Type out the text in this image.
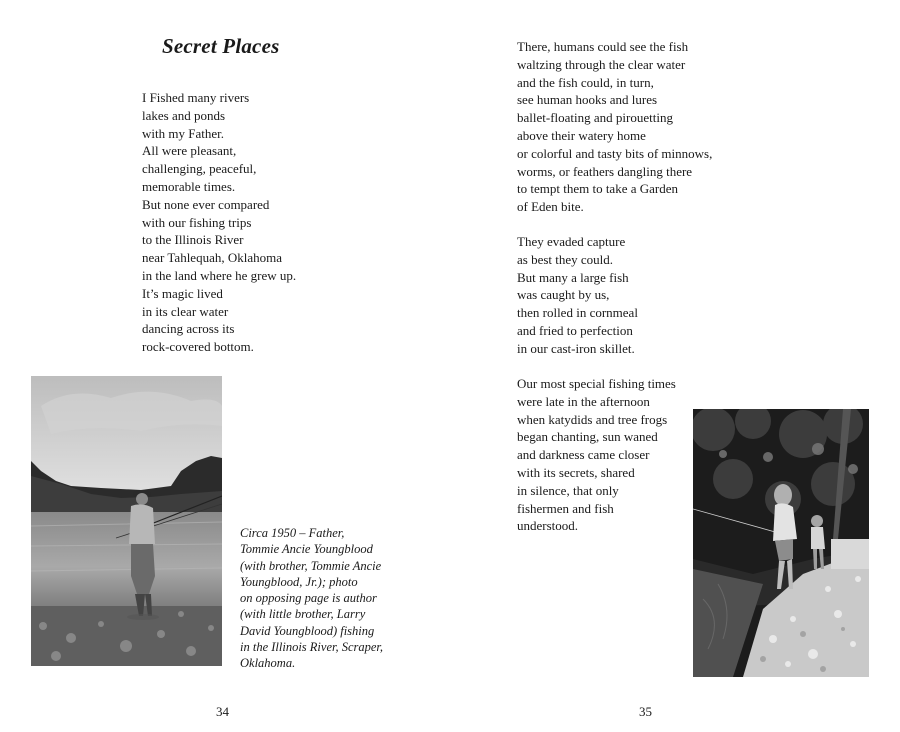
Secret Places
I Fished many rivers
lakes and ponds
with my Father.
All were pleasant,
challenging, peaceful,
memorable times.
But none ever compared
with our fishing trips
to the Illinois River
near Tahlequah, Oklahoma
in the land where he grew up.
It’s magic lived
in its clear water
dancing across its
rock-covered bottom.
Circa 1950 – Father,
Tommie Ancie Youngblood
(with brother, Tommie Ancie
Youngblood, Jr.); photo
on opposing page is author
(with little brother, Larry
David Youngblood) fishing
in the Illinois River, Scraper,
Oklahoma.
34
There, humans could see the fish
waltzing through the clear water
and the fish could, in turn,
see human hooks and lures
ballet-floating and pirouetting
above their watery home
or colorful and tasty bits of minnows,
worms, or feathers dangling there
to tempt them to take a Garden
of Eden bite.
They evaded capture
as best they could.
But many a large fish
was caught by us,
then rolled in cornmeal
and fried to perfection
in our cast-iron skillet.
Our most special fishing times
were late in the afternoon
when katydids and tree frogs
began chanting, sun waned
and darkness came closer
with its secrets, shared
in silence, that only
fishermen and fish
understood.
35
